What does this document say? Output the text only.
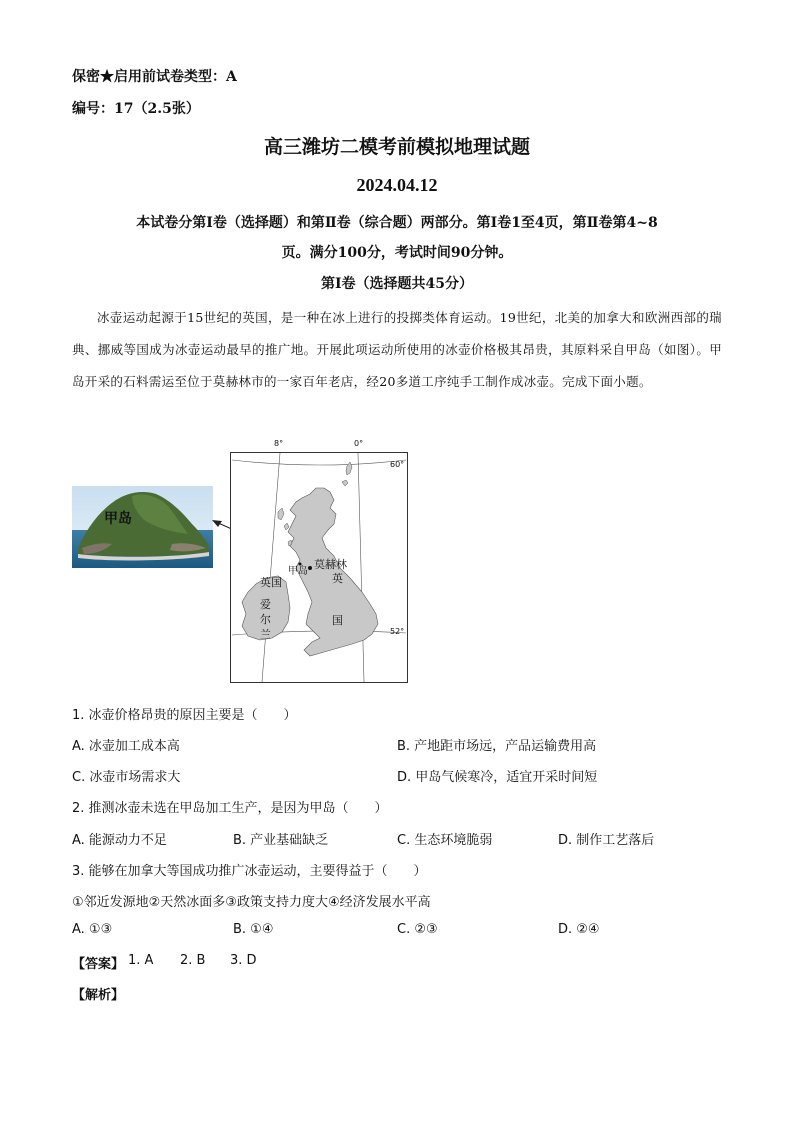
保密★启用前试卷类型：A
编号：17（2.5张）
高三潍坊二模考前模拟地理试题
2024.04.12
本试卷分第Ⅰ卷（选择题）和第Ⅱ卷（综合题）两部分。第Ⅰ卷1至4页，第Ⅱ卷第4~8
页。满分100分，考试时间90分钟。
第Ⅰ卷（选择题共45分）
冰壶运动起源于15世纪的英国，是一种在冰上进行的投掷类体育运动。19世纪，北美的加拿大和欧洲西部的瑞典、挪威等国成为冰壶运动最早的推广地。开展此项运动所使用的冰壶价格极其昂贵，其原料采自甲岛（如图）。甲岛开采的石料需运至位于莫赫林市的一家百年老店，经20多道工序纯手工制作成冰壶。完成下面小题。
甲岛
8°	0°
60°
52°
甲岛
莫赫林
英
国
英国
爱
尔
兰
1. 冰壶价格昂贵的原因主要是（　　）
A. 冰壶加工成本高	B. 产地距市场远，产品运输费用高
C. 冰壶市场需求大	D. 甲岛气候寒冷，适宜开采时间短
2. 推测冰壶未选在甲岛加工生产，是因为甲岛（　　）
A. 能源动力不足	B. 产业基础缺乏	C. 生态环境脆弱	D. 制作工艺落后
3. 能够在加拿大等国成功推广冰壶运动，主要得益于（　　）
①邻近发源地②天然冰面多③政策支持力度大④经济发展水平高
A. ①③	B. ①④	C. ②③	D. ②④
【答案】 1. A 2. B 3. D
【解析】
